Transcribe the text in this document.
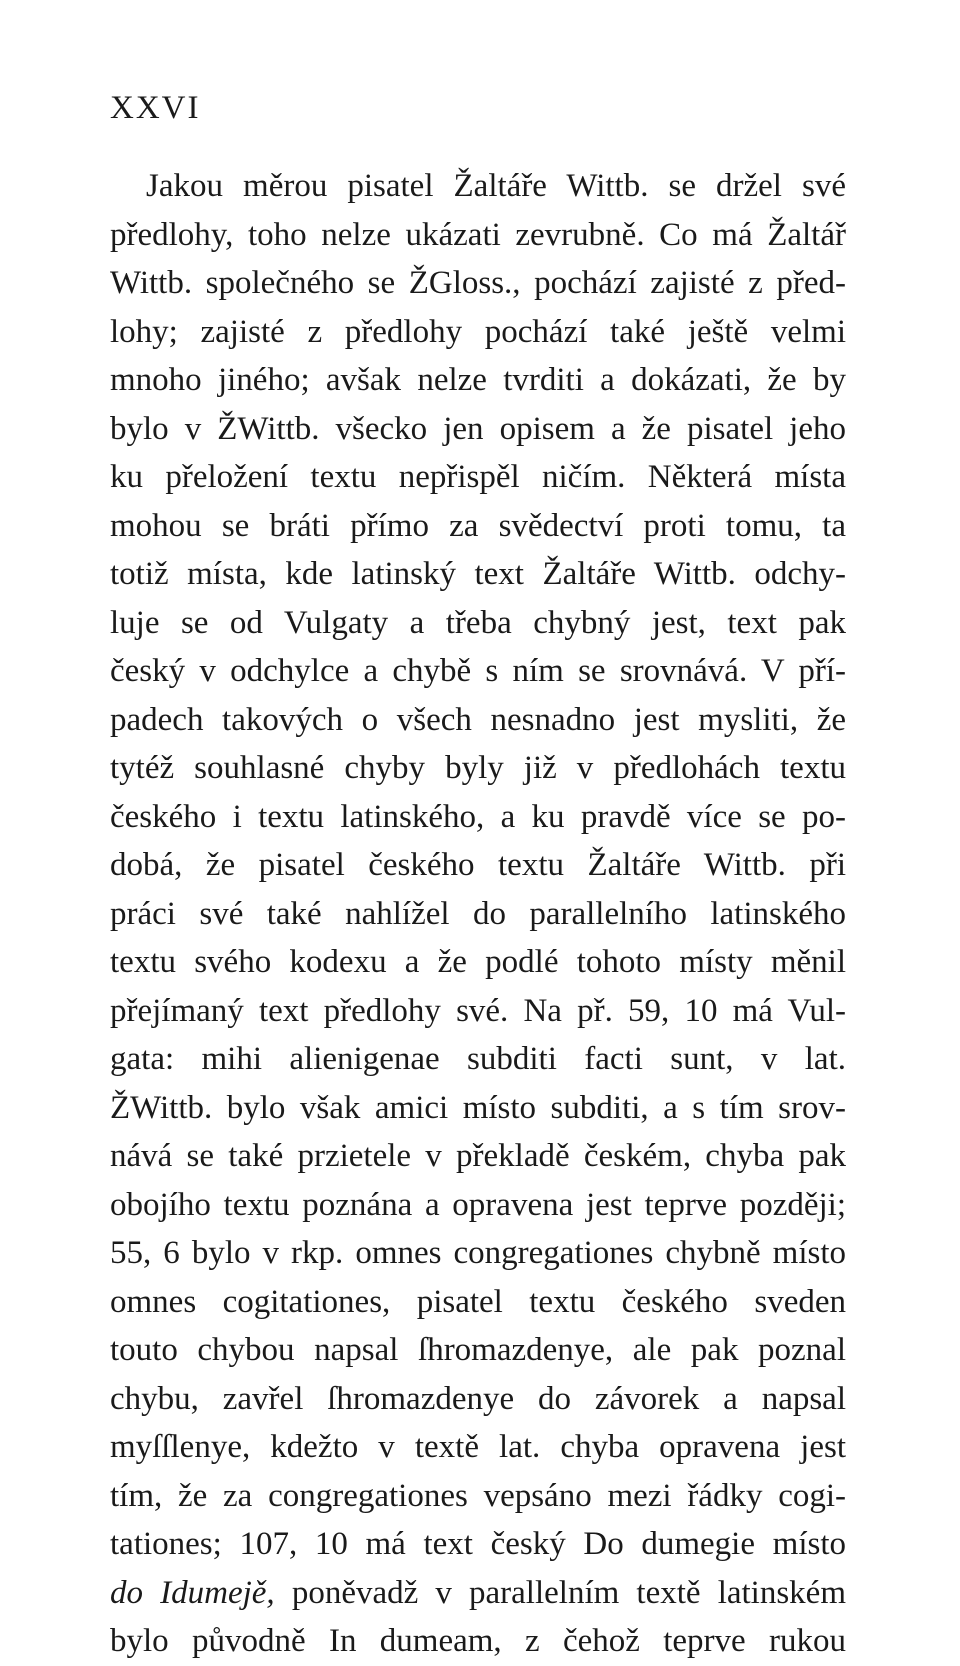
XXVI
Jakou měrou pisatel Žaltáře Wittb. se držel své
předlohy, toho nelze ukázati zevrubně. Co má Žaltář
Wittb. společného se ŽGloss., pochází zajisté z před-
lohy; zajisté z předlohy pochází také ještě velmi
mnoho jiného; avšak nelze tvrditi a dokázati, že by
bylo v ŽWittb. všecko jen opisem a že pisatel jeho
ku přeložení textu nepřispěl ničím. Některá místa
mohou se bráti přímo za svědectví proti tomu, ta
totiž místa, kde latinský text Žaltáře Wittb. odchy-
luje se od Vulgaty a třeba chybný jest, text pak
český v odchylce a chybě s ním se srovnává. V pří-
padech takových o všech nesnadno jest mysliti, že
tytéž souhlasné chyby byly již v předlohách textu
českého i textu latinského, a ku pravdě více se po-
dobá, že pisatel českého textu Žaltáře Wittb. při
práci své také nahlížel do parallelního latinského
textu svého kodexu a že podlé tohoto místy měnil
přejímaný text předlohy své. Na př. 59, 10 má Vul-
gata: mihi alienigenae subditi facti sunt, v lat.
ŽWittb. bylo však amici místo subditi, a s tím srov-
nává se také przietele v překladě českém, chyba pak
obojího textu poznána a opravena jest teprve později;
55, 6 bylo v rkp. omnes congregationes chybně místo
omnes cogitationes, pisatel textu českého sveden
touto chybou napsal ſhromazdenye, ale pak poznal
chybu, zavřel ſhromazdenye do závorek a napsal
myſſlenye, kdežto v textě lat. chyba opravena jest
tím, že za congregationes vepsáno mezi řádky cogi-
tationes; 107, 10 má text český Do dumegie místo
do Idumejě, poněvadž v parallelním textě latinském
bylo původně In dumeam, z čehož teprve rukou
